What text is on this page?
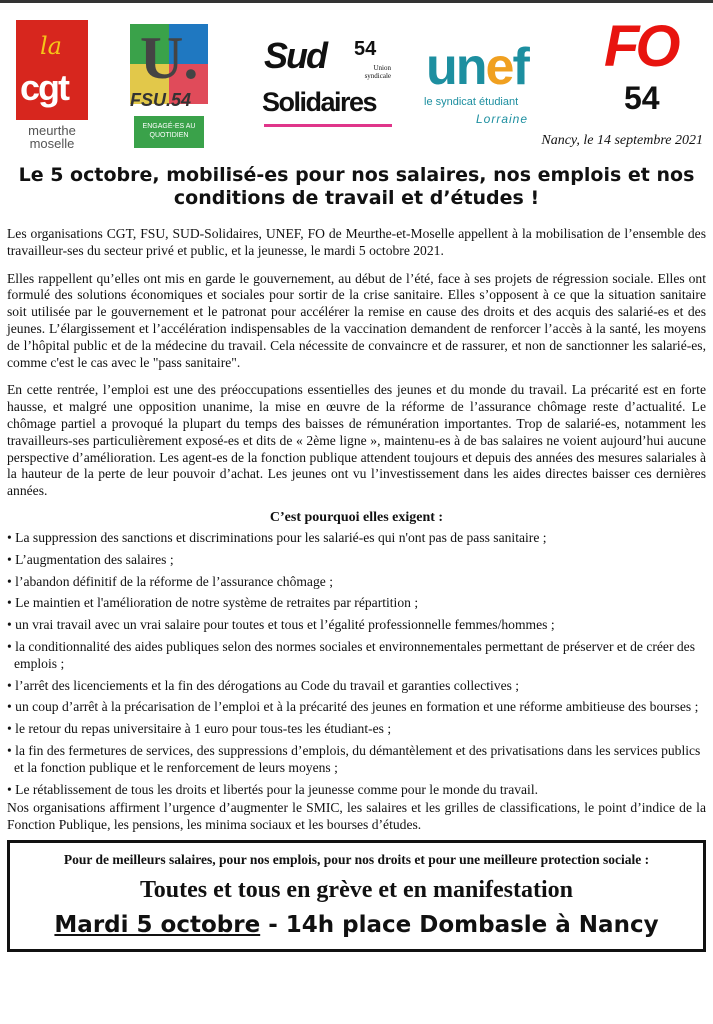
la
cgt
meurthe
moselle
U.
FSU.54
ENGAGÉ-ES AU QUOTIDIEN
Sud 54
Union syndicale
Solidaires
unef
le syndicat étudiant
Lorraine
FO
54
Nancy, le 14 septembre 2021
Le 5 octobre, mobilisé-es pour nos salaires, nos emplois et nos conditions de travail et d’études !

Les organisations CGT, FSU, SUD-Solidaires, UNEF, FO de Meurthe-et-Moselle appellent à la mobilisation de l’ensemble des travailleur-ses du secteur privé et public, et la jeunesse, le mardi 5 octobre 2021.

Elles rappellent qu’elles ont mis en garde le gouvernement, au début de l’été, face à ses projets de régression sociale. Elles ont formulé des solutions économiques et sociales pour sortir de la crise sanitaire. Elles s’opposent à ce que la situation sanitaire soit utilisée par le gouvernement et le patronat pour accélérer la remise en cause des droits et des acquis des salarié-es et des jeunes. L’élargissement et l’accélération indispensables de la vaccination demandent de renforcer l’accès à la santé, les moyens de l’hôpital public et de la médecine du travail. Cela nécessite de convaincre et de rassurer, et non de sanctionner les salarié-es, comme c'est le cas avec le "pass sanitaire".

En cette rentrée, l’emploi est une des préoccupations essentielles des jeunes et du monde du travail. La précarité est en forte hausse, et malgré une opposition unanime, la mise en œuvre de la réforme de l’assurance chômage reste d’actualité. Le chômage partiel a provoqué la plupart du temps des baisses de rémunération importantes. Trop de salarié-es, notamment les travailleurs-ses particulièrement exposé-es et dits de « 2ème ligne », maintenu-es à de bas salaires ne voient aujourd’hui aucune perspective d’amélioration. Les agent-es de la fonction publique attendent toujours et depuis des années des mesures salariales à la hauteur de la perte de leur pouvoir d’achat. Les jeunes ont vu l’investissement dans les aides directes baisser ces dernières années.

C’est pourquoi elles exigent :
• La suppression des sanctions et discriminations pour les salarié-es qui n'ont pas de pass sanitaire ;
• L’augmentation des salaires ;
• l’abandon définitif de la réforme de l’assurance chômage ;
• Le maintien et l'amélioration de notre système de retraites par répartition ;
• un vrai travail avec un vrai salaire pour toutes et tous et l’égalité professionnelle femmes/hommes ;
• la conditionnalité des aides publiques selon des normes sociales et environnementales permettant de préserver et de créer des emplois ;
• l’arrêt des licenciements et la fin des dérogations au Code du travail et garanties collectives ;
• un coup d’arrêt à la précarisation de l’emploi et à la précarité des jeunes en formation et une réforme ambitieuse des bourses ;
• le retour du repas universitaire à 1 euro pour tous-tes les étudiant-es ;
• la fin des fermetures de services, des suppressions d’emplois, du démantèlement et des privatisations dans les services publics et la fonction publique et le renforcement de leurs moyens ;
• Le rétablissement de tous les droits et libertés pour la jeunesse comme pour le monde du travail.

Nos organisations affirment l’urgence d’augmenter le SMIC, les salaires et les grilles de classifications, le point d’indice de la Fonction Publique, les pensions, les minima sociaux et les bourses d’études.

Pour de meilleurs salaires, pour nos emplois, pour nos droits et pour une meilleure protection sociale :
Toutes et tous en grève et en manifestation
Mardi 5 octobre - 14h place Dombasle à Nancy
